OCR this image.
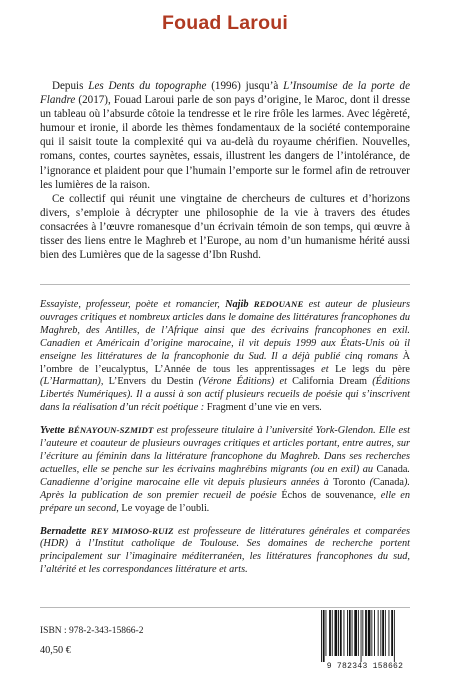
Fouad Laroui

Depuis Les Dents du topographe (1996) jusqu’à L’Insoumise de la porte de Flandre (2017), Fouad Laroui parle de son pays d’origine, le Maroc, dont il dresse un tableau où l’absurde côtoie la tendresse et le rire frôle les larmes. Avec légèreté, humour et ironie, il aborde les thèmes fondamentaux de la société contemporaine qui il saisit toute la complexité qui va au-delà du royaume chérifien. Nouvelles, romans, contes, courtes saynètes, essais, illustrent les dangers de l’intolérance, de l’ignorance et plaident pour que l’humain l’emporte sur le formel afin de retrouver les lumières de la raison.

Ce collectif qui réunit une vingtaine de chercheurs de cultures et d’horizons divers, s’emploie à décrypter une philosophie de la vie à travers des études consacrées à l’œuvre romanesque d’un écrivain témoin de son temps, qui œuvre à tisser des liens entre le Maghreb et l’Europe, au nom d’un humanisme hérité aussi bien des Lumières que de la sagesse d’Ibn Rushd.

Essayiste, professeur, poète et romancier, Najib REDOUANE est auteur de plusieurs ouvrages critiques et nombreux articles dans le domaine des littératures francophones du Maghreb, des Antilles, de l’Afrique ainsi que des écrivains francophones en exil. Canadien et Américain d’origine marocaine, il vit depuis 1999 aux États-Unis où il enseigne les littératures de la francophonie du Sud. Il a déjà publié cinq romans À l’ombre de l’eucalyptus, L’Année de tous les apprentissages et Le legs du père (L’Harmattan), L’Envers du Destin (Vérone Éditions) et California Dream (Éditions Libertés Numériques). Il a aussi à son actif plusieurs recueils de poésie qui s’inscrivent dans la réalisation d’un récit poétique : Fragment d’une vie en vers.

Yvette BÉNAYOUN-SZMIDT est professeure titulaire à l’université York-Glendon. Elle est l’auteure et coauteur de plusieurs ouvrages critiques et articles portant, entre autres, sur l’écriture au féminin dans la littérature francophone du Maghreb. Dans ses recherches actuelles, elle se penche sur les écrivains maghrébins migrants (ou en exil) au Canada. Canadienne d’origine marocaine elle vit depuis plusieurs années à Toronto (Canada). Après la publication de son premier recueil de poésie Échos de souvenance, elle en prépare un second, Le voyage de l’oubli.

Bernadette REY MIMOSO-RUIZ est professeure de littératures générales et comparées (HDR) à l’Institut catholique de Toulouse. Ses domaines de recherche portent principalement sur l’imaginaire méditerranéen, les littératures francophones du sud, l’altérité et les correspondances littérature et arts.

ISBN : 978-2-343-15866-2
40,50 €
9 782343 158662
